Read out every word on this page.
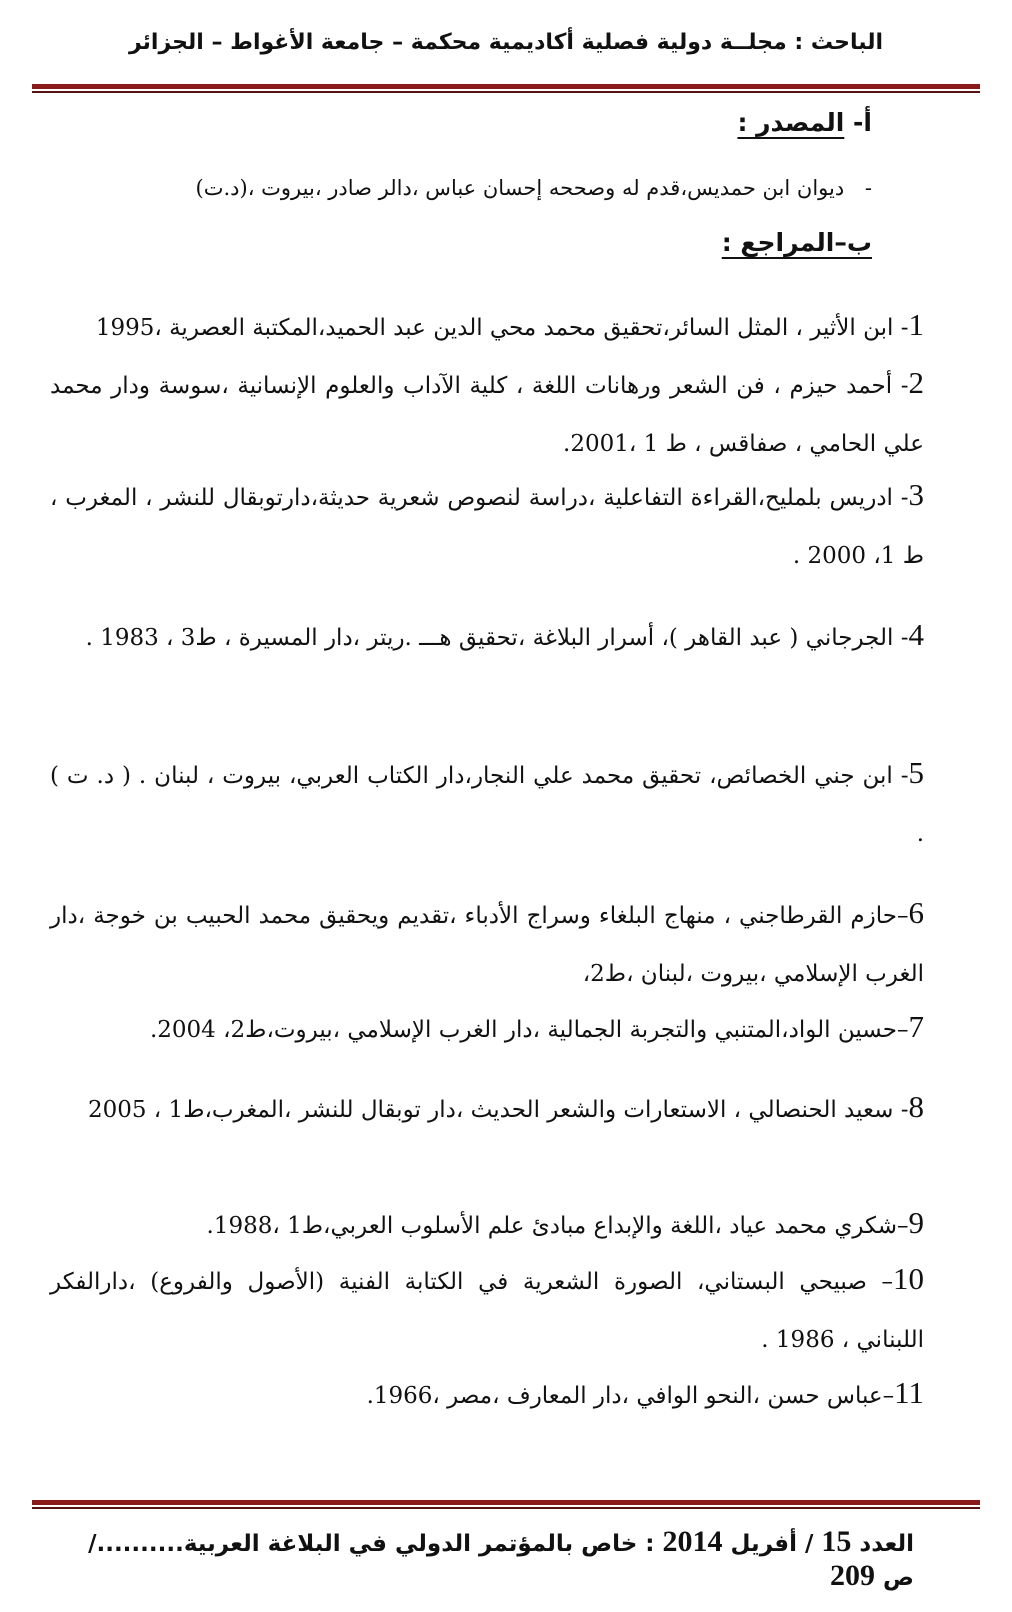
الباحث : مجلــة دولية فصلية أكاديمية محكمة – جامعة الأغواط – الجزائر
أ- المصدر :
- ديوان ابن حمديس،قدم له وصححه إحسان عباس ،دالر صادر ،بيروت ،(د.ت)
ب–المراجع :
1- ابن الأثير ، المثل السائر،تحقيق محمد محي الدين عبد الحميد،المكتبة العصرية ،1995
2- أحمد حيزم ، فن الشعر ورهانات اللغة ، كلية الآداب والعلوم الإنسانية ،سوسة ودار محمد علي الحامي ، صفاقس ، ط 1 ،2001.
3- ادريس بلمليح،القراءة التفاعلية ،دراسة لنصوص شعرية حديثة،دارتوبقال للنشر ، المغرب ، ط 1، 2000 .
4- الجرجاني ( عبد القاهر )، أسرار البلاغة ،تحقيق هـــ .ريتر ،دار المسيرة ، ط3 ، 1983 .
5- ابن جني الخصائص، تحقيق محمد علي النجار،دار الكتاب العربي، بيروت ، لبنان . ( د. ت ) .
6–حازم القرطاجني ، منهاج البلغاء وسراج الأدباء ،تقديم ويحقيق محمد الحبيب بن خوجة ،دار الغرب الإسلامي ،بيروت ،لبنان ،ط2،
7–حسين الواد،المتنبي والتجربة الجمالية ،دار الغرب الإسلامي ،بيروت،ط2، 2004.
8- سعيد الحنصالي ، الاستعارات والشعر الحديث ،دار توبقال للنشر ،المغرب،ط1 ، 2005
9–شكري محمد عياد ،اللغة والإبداع مبادئ علم الأسلوب العربي،ط1 ،1988.
10– صبيحي البستاني، الصورة الشعرية في الكتابة الفنية (الأصول والفروع) ،دارالفكر اللبناني ، 1986 .
11–عباس حسن ،النحو الوافي ،دار المعارف ،مصر ،1966.
العدد 15 / أفريل 2014 : خاص بالمؤتمر الدولي في البلاغة العربية........../ ص 209
